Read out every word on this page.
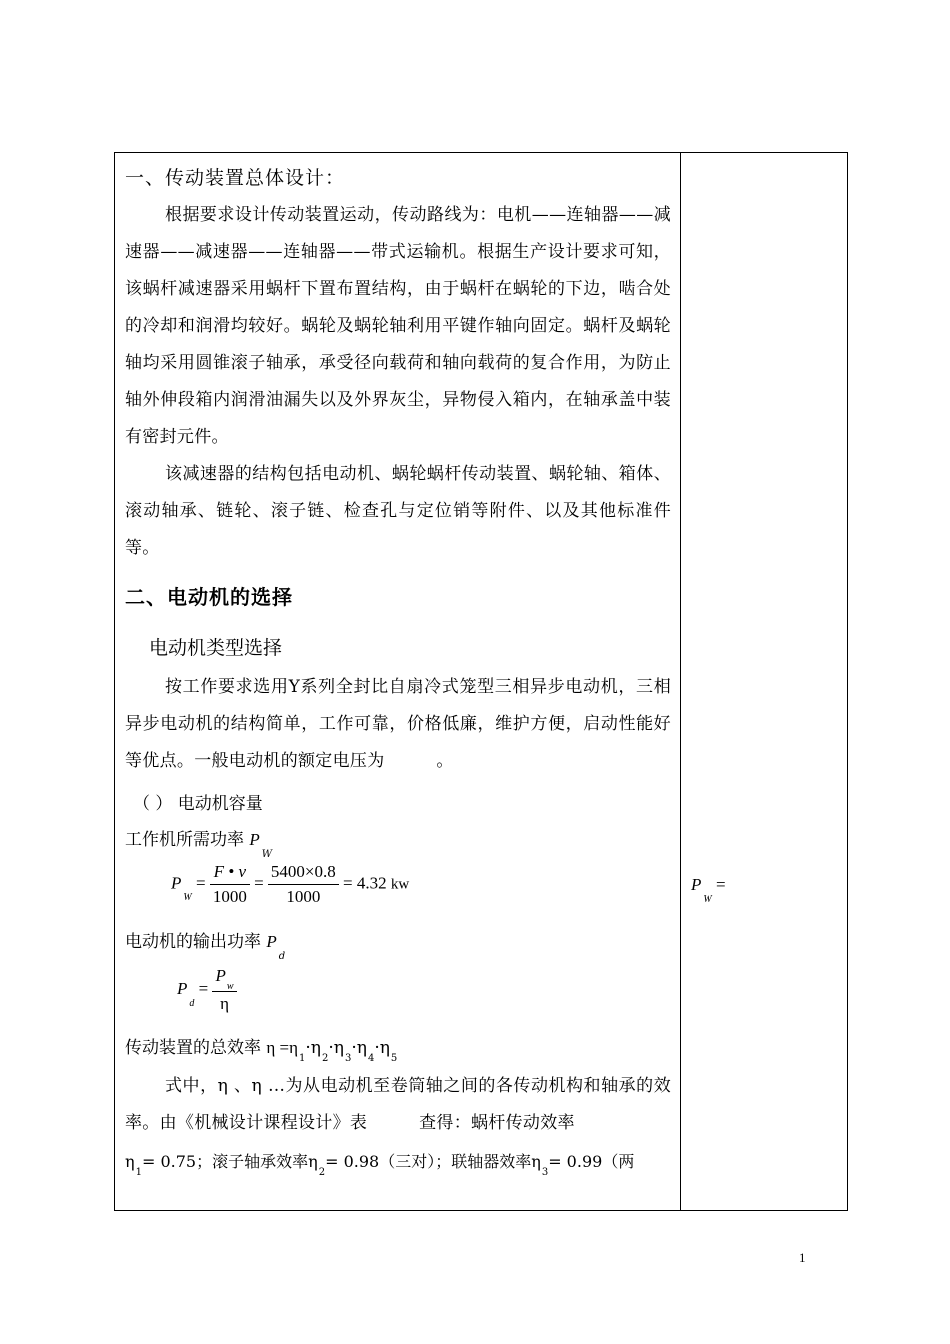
一、传动装置总体设计：

根据要求设计传动装置运动，传动路线为：电机——连轴器——减速器——减速器——连轴器——带式运输机。根据生产设计要求可知，该蜗杆减速器采用蜗杆下置布置结构，由于蜗杆在蜗轮的下边，啮合处的冷却和润滑均较好。蜗轮及蜗轮轴利用平键作轴向固定。蜗杆及蜗轮轴均采用圆锥滚子轴承，承受径向载荷和轴向载荷的复合作用，为防止轴外伸段箱内润滑油漏失以及外界灰尘，异物侵入箱内，在轴承盖中装有密封元件。

该减速器的结构包括电动机、蜗轮蜗杆传动装置、蜗轮轴、箱体、滚动轴承、链轮、滚子链、检查孔与定位销等附件、以及其他标准件等。

二、电动机的选择
电动机类型选择

按工作要求选用Y系列全封比自扇冷式笼型三相异步电动机，三相异步电动机的结构简单，工作可靠，价格低廉，维护方便，启动性能好等优点。一般电动机的额定电压为　　　。

（ ） 电动机容量
工作机所需功率 $P_W$
$P_W = \frac{F • v}{1000} = \frac{5400\times 0.8}{1000} = 4.32$ kw
电动机的输出功率 $P_d$
$P_d = \frac{P_w}{\eta}$
传动装置的总效率 $\eta =\eta_1\cdot\eta_2\cdot\eta_3\cdot\eta_4\cdot\eta_5$

式中，η 、η …为从电动机至卷筒轴之间的各传动机构和轴承的效率。由《机械设计课程设计》表　　　查得：蜗杆传动效率

$\eta_1= 0.75$；滚子轴承效率$\eta_2= 0.98$（三对）；联轴器效率$\eta_3= 0.99$（两
$P_W$ =
1
